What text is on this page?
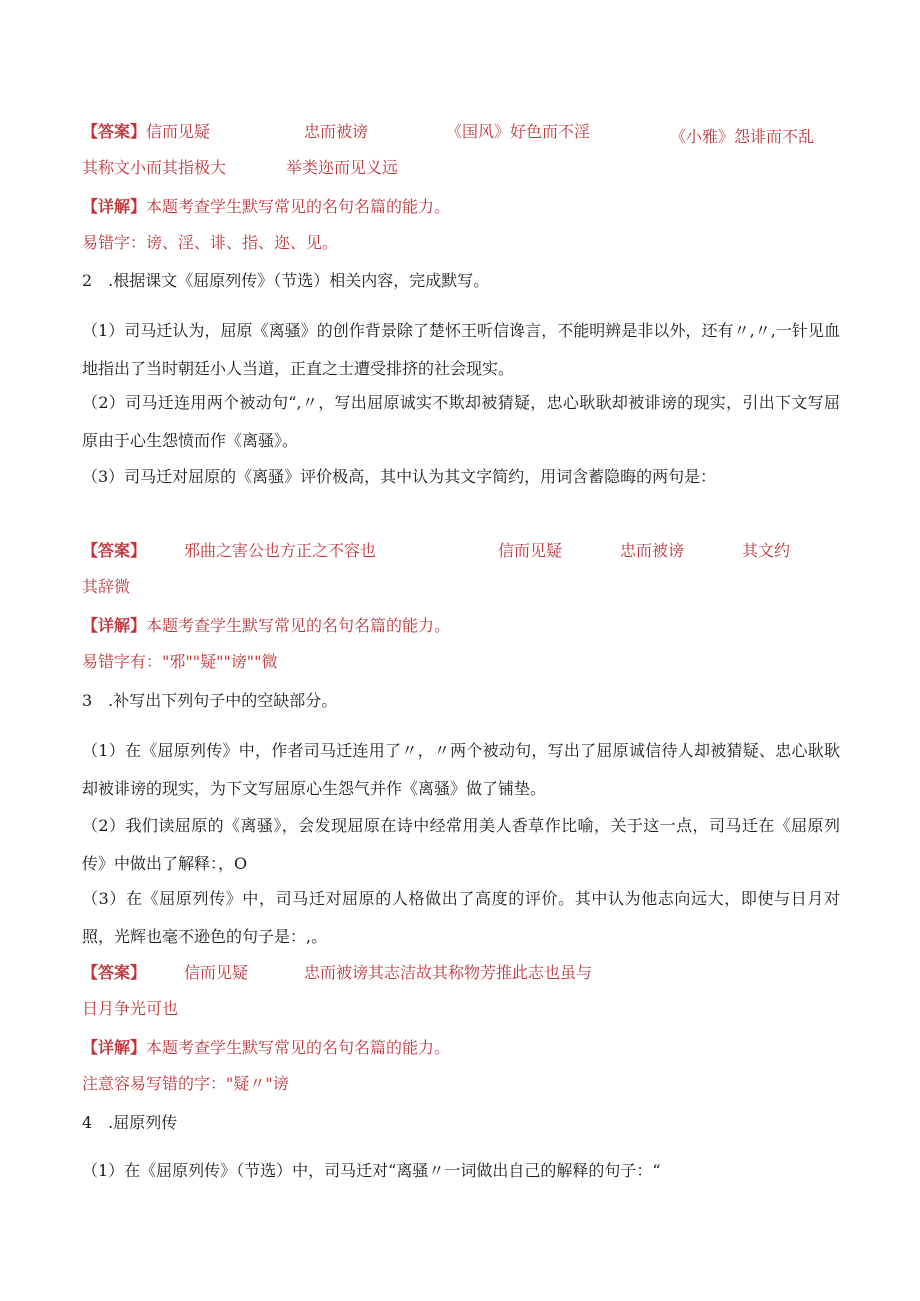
【答案】信而见疑	忠而被谤	《国风》好色而不淫	《小雅》怨诽而不乱
其称文小而其指极大	举类迩而见义远
【详解】本题考查学生默写常见的名句名篇的能力。
易错字：谤、淫、诽、指、迩、见。
2　.根据课文《屈原列传》（节选）相关内容，完成默写。
（1）司马迁认为，屈原《离骚》的创作背景除了楚怀王听信谗言，不能明辨是非以外，还有〃,〃,一针见血地指出了当时朝廷小人当道，正直之士遭受排挤的社会现实。
（2）司马迁连用两个被动句“,〃，写出屈原诚实不欺却被猜疑，忠心耿耿却被诽谤的现实，引出下文写屈原由于心生怨愤而作《离骚》。
（3）司马迁对屈原的《离骚》评价极高，其中认为其文字简约，用词含蓄隐晦的两句是：
【答案】 邪曲之害公也方正之不容也	信而见疑	忠而被谤	其文约
其辞微
【详解】本题考查学生默写常见的名句名篇的能力。
易错字有："邪""疑""谤""微
3　.补写出下列句子中的空缺部分。
（1）在《屈原列传》中，作者司马迁连用了〃，〃两个被动句，写出了屈原诚信待人却被猜疑、忠心耿耿却被诽谤的现实，为下文写屈原心生怨气并作《离骚》做了铺垫。
（2）我们读屈原的《离骚》，会发现屈原在诗中经常用美人香草作比喻，关于这一点，司马迁在《屈原列传》中做出了解释：，O
（3）在《屈原列传》中，司马迁对屈原的人格做出了高度的评价。其中认为他志向远大，即使与日月对照，光辉也毫不逊色的句子是：,。
【答案】 信而见疑	忠而被谤其志洁故其称物芳推此志也虽与
日月争光可也
【详解】本题考查学生默写常见的名句名篇的能力。
注意容易写错的字："疑〃"谤
4　.屈原列传
（1）在《屈原列传》（节选）中，司马迁对“离骚〃一词做出自己的解释的句子：“
